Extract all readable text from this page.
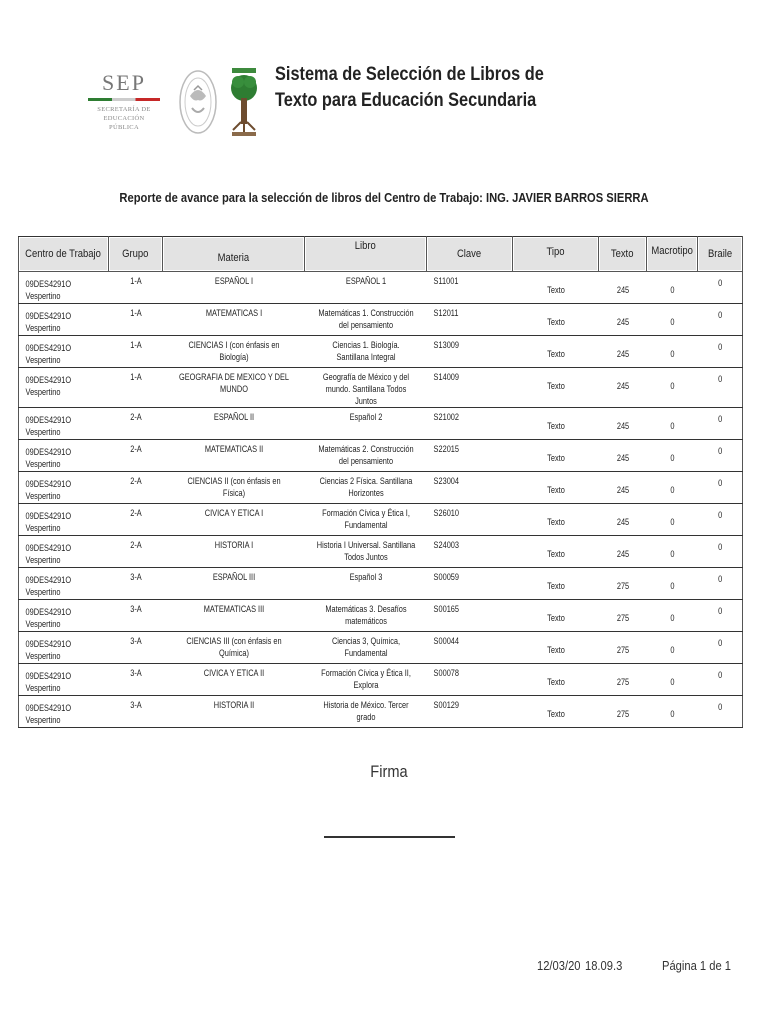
SEP
SECRETARÍA DE
EDUCACIÓN PÚBLICA
Sistema de Selección de Libros de
Texto para Educación Secundaria
Reporte de avance para la selección de libros del Centro de Trabajo: ING. JAVIER BARROS SIERRA
Centro de Trabajo	Grupo	Materia	Libro	Clave	Tipo	Texto	Macrotipo	Braile

09DES4291O Vespertino	1-A	ESPAÑOL I	ESPAÑOL 1	S11001	Texto	245	0	0

09DES4291O Vespertino	1-A	MATEMATICAS I	Matemáticas 1. Construcción del pensamiento	S12011	Texto	245	0	0

09DES4291O Vespertino	1-A	CIENCIAS I (con énfasis en Biología)	Ciencias 1. Biología. Santillana Integral	S13009	Texto	245	0	0

09DES4291O Vespertino	1-A	GEOGRAFIA DE MEXICO Y DEL MUNDO	Geografía de México y del mundo. Santillana Todos Juntos	S14009	Texto	245	0	0

09DES4291O Vespertino	2-A	ESPAÑOL II	Español 2	S21002	Texto	245	0	0

09DES4291O Vespertino	2-A	MATEMATICAS II	Matemáticas 2. Construcción del pensamiento	S22015	Texto	245	0	0

09DES4291O Vespertino	2-A	CIENCIAS II (con énfasis en Física)	Ciencias 2 Física. Santillana Horizontes	S23004	Texto	245	0	0

09DES4291O Vespertino	2-A	CIVICA Y ETICA I	Formación Cívica y Ética I, Fundamental	S26010	Texto	245	0	0

09DES4291O Vespertino	2-A	HISTORIA I	Historia I Universal. Santillana Todos Juntos	S24003	Texto	245	0	0

09DES4291O Vespertino	3-A	ESPAÑOL III	Español 3	S00059	Texto	275	0	0

09DES4291O Vespertino	3-A	MATEMATICAS III	Matemáticas 3. Desafíos matemáticos	S00165	Texto	275	0	0

09DES4291O Vespertino	3-A	CIENCIAS III (con énfasis en Química)	Ciencias 3, Química, Fundamental	S00044	Texto	275	0	0

09DES4291O Vespertino	3-A	CIVICA Y ETICA II	Formación Cívica y Ética II, Explora	S00078	Texto	275	0	0

09DES4291O Vespertino	3-A	HISTORIA II	Historia de México. Tercer grado	S00129	Texto	275	0	0
Firma
12/03/20 18.09.3	Página 1 de 1
